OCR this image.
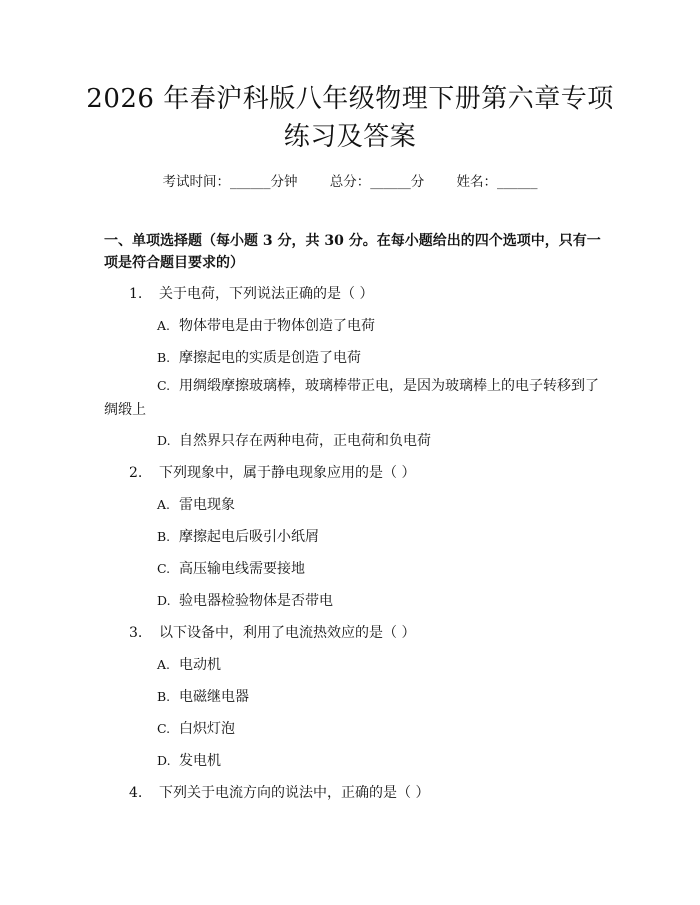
2026 年春沪科版八年级物理下册第六章专项
练习及答案
考试时间：______分钟 总分：______分 姓名：______
一、单项选择题（每小题 3 分，共 30 分。在每小题给出的四个选项中，只有一项是符合题目要求的）
1. 关于电荷，下列说法正确的是（ ）
A. 物体带电是由于物体创造了电荷
B. 摩擦起电的实质是创造了电荷
C. 用绸缎摩擦玻璃棒，玻璃棒带正电，是因为玻璃棒上的电子转移到了绸缎上
D. 自然界只存在两种电荷，正电荷和负电荷
2. 下列现象中，属于静电现象应用的是（ ）
A. 雷电现象
B. 摩擦起电后吸引小纸屑
C. 高压输电线需要接地
D. 验电器检验物体是否带电
3. 以下设备中，利用了电流热效应的是（ ）
A. 电动机
B. 电磁继电器
C. 白炽灯泡
D. 发电机
4. 下列关于电流方向的说法中，正确的是（ ）
